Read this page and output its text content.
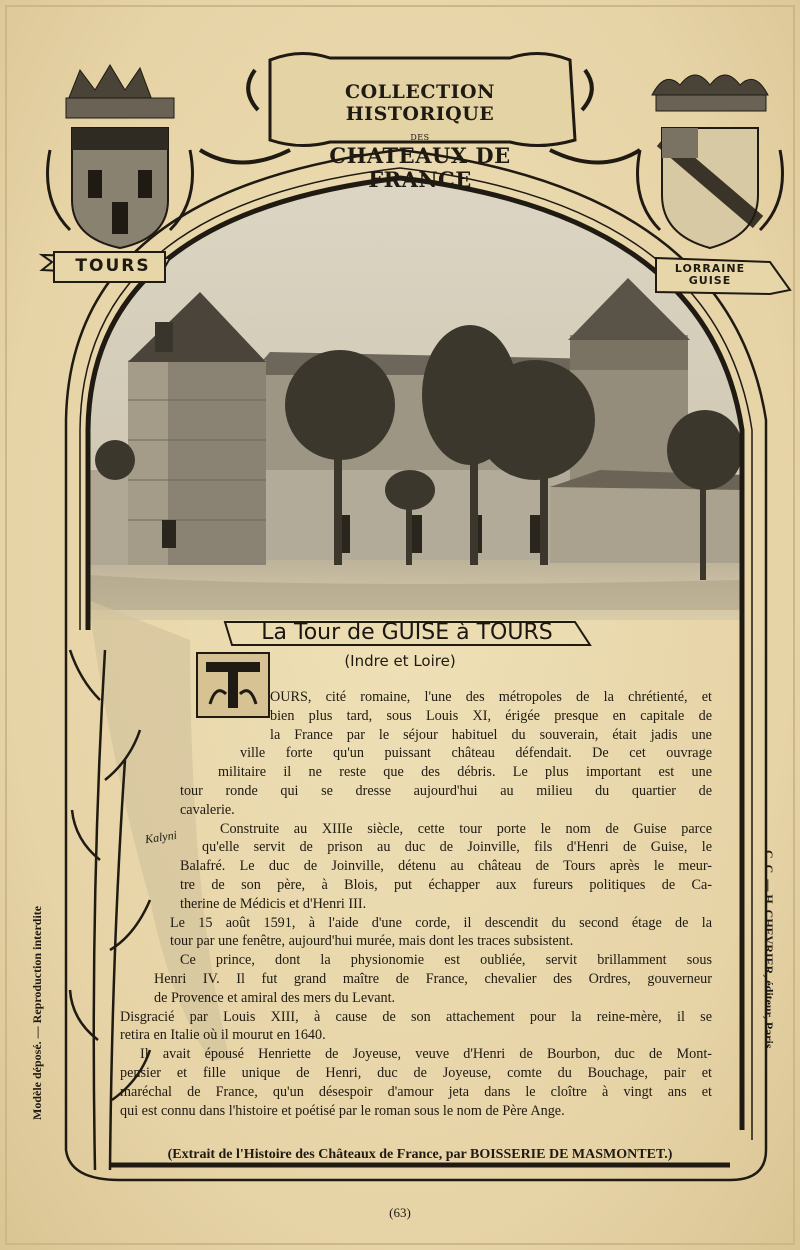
COLLECTION HISTORIQUE
DES
CHATEAUX DE FRANCE
TOURS	LORRAINE
GUISE
La Tour de GUISE à TOURS
(Indre et Loire)
Kalyni

OURS, cité romaine, l'une des métropoles de la chrétienté, et
bien plus tard, sous Louis XI, érigée presque en capitale de
la France par le séjour habituel du souverain, était jadis une
ville forte qu'un puissant château défendait. De cet ouvrage
militaire il ne reste que des débris. Le plus important est une
tour ronde qui se dresse aujourd'hui au milieu du quartier de
cavalerie.

Construite au XIIIe siècle, cette tour porte le nom de Guise parce
qu'elle servit de prison au duc de Joinville, fils d'Henri de Guise, le
Balafré. Le duc de Joinville, détenu au château de Tours après le meur-
tre de son père, à Blois, put échapper aux fureurs politiques de Ca-
therine de Médicis et d'Henri III.

Le 15 août 1591, à l'aide d'une corde, il descendit du second étage de la
tour par une fenêtre, aujourd'hui murée, mais dont les traces subsistent.

Ce prince, dont la physionomie est oubliée, servit brillamment sous
Henri IV. Il fut grand maître de France, chevalier des Ordres, gouverneur
de Provence et amiral des mers du Levant.

Disgracié par Louis XIII, à cause de son attachement pour la reine-mère, il se
retira en Italie où il mourut en 1640.

Il avait épousé Henriette de Joyeuse, veuve d'Henri de Bourbon, duc de Mont-
pensier et fille unique de Henri, duc de Joyeuse, comte du Bouchage, pair et
maréchal de France, qu'un désespoir d'amour jeta dans le cloître à vingt ans et
qui est connu dans l'histoire et poétisé par le roman sous le nom de Père Ange.

(Extrait de l'Histoire des Châteaux de France, par BOISSERIE DE MASMONTET.)
(63)
Modèle déposé. — Reproduction interdite	C. C. — H. CHEVRIER, éditeur, Paris.
